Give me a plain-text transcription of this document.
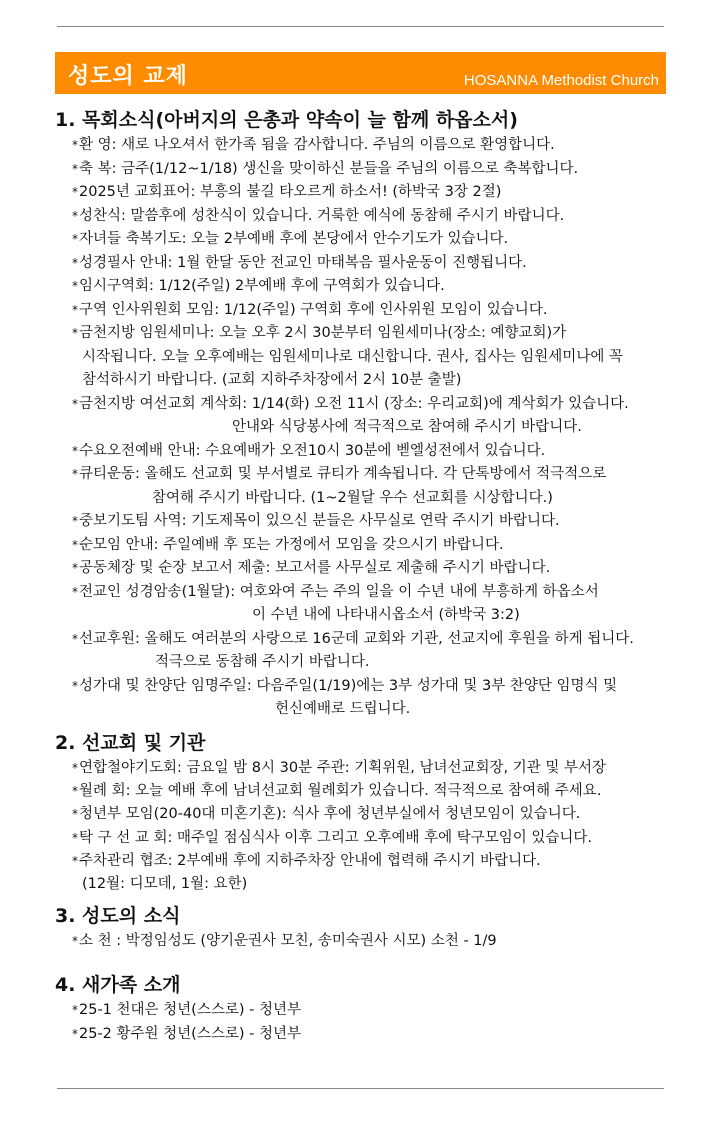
성도의 교제	HOSANNA Methodist Church
1. 목회소식(아버지의 은총과 약속이 늘 함께 하옵소서)
*환 영: 새로 나오셔서 한가족 됨을 감사합니다. 주님의 이름으로 환영합니다.
*축 복: 금주(1/12~1/18) 생신을 맞이하신 분들을 주님의 이름으로 축복합니다.
*2025년 교회표어: 부흥의 불길 타오르게 하소서! (하박국 3장 2절)
*성찬식: 말씀후에 성찬식이 있습니다. 거룩한 예식에 동참해 주시기 바랍니다.
*자녀들 축복기도: 오늘 2부예배 후에 본당에서 안수기도가 있습니다.
*성경필사 안내: 1월 한달 동안 전교인 마태복음 필사운동이 진행됩니다.
*임시구역회: 1/12(주일) 2부예배 후에 구역회가 있습니다.
*구역 인사위원회 모임: 1/12(주일) 구역회 후에 인사위원 모임이 있습니다.
*금천지방 임원세미나: 오늘 오후 2시 30분부터 임원세미나(장소: 예향교회)가
시작됩니다. 오늘 오후예배는 임원세미나로 대신합니다. 권사, 집사는 임원세미나에 꼭
참석하시기 바랍니다. (교회 지하주차장에서 2시 10분 출발)
*금천지방 여선교회 계삭회: 1/14(화) 오전 11시 (장소: 우리교회)에 계삭회가 있습니다.
안내와 식당봉사에 적극적으로 참여해 주시기 바랍니다.
*수요오전예배 안내: 수요예배가 오전10시 30분에 벧엘성전에서 있습니다.
*큐티운동: 올해도 선교회 및 부서별로 큐티가 계속됩니다. 각 단톡방에서 적극적으로
참여해 주시기 바랍니다. (1~2월달 우수 선교회를 시상합니다.)
*중보기도팀 사역: 기도제목이 있으신 분들은 사무실로 연락 주시기 바랍니다.
*순모임 안내: 주일예배 후 또는 가정에서 모임을 갖으시기 바랍니다.
*공동체장 및 순장 보고서 제출: 보고서를 사무실로 제출해 주시기 바랍니다.
*전교인 성경암송(1월달): 여호와여 주는 주의 일을 이 수년 내에 부흥하게 하옵소서
이 수년 내에 나타내시옵소서 (하박국 3:2)
*선교후원: 올해도 여러분의 사랑으로 16군데 교회와 기관, 선교지에 후원을 하게 됩니다.
적극으로 동참해 주시기 바랍니다.
*성가대 및 찬양단 임명주일: 다음주일(1/19)에는 3부 성가대 및 3부 찬양단 임명식 및
헌신예배로 드립니다.
2. 선교회 및 기관
*연합철야기도회: 금요일 밤 8시 30분 주관: 기획위원, 남녀선교회장, 기관 및 부서장
*월례 회: 오늘 예배 후에 남녀선교회 월례회가 있습니다. 적극적으로 참여해 주세요.
*청년부 모임(20-40대 미혼기혼): 식사 후에 청년부실에서 청년모임이 있습니다.
*탁 구 선 교 회: 매주일 점심식사 이후 그리고 오후예배 후에 탁구모임이 있습니다.
*주차관리 협조: 2부예배 후에 지하주차장 안내에 협력해 주시기 바랍니다.
(12월: 디모데, 1월: 요한)
3. 성도의 소식
*소 천 : 박정임성도 (양기운권사 모친, 송미숙권사 시모) 소천 - 1/9
4. 새가족 소개
*25-1 천대은 청년(스스로) - 청년부
*25-2 황주원 청년(스스로) - 청년부
